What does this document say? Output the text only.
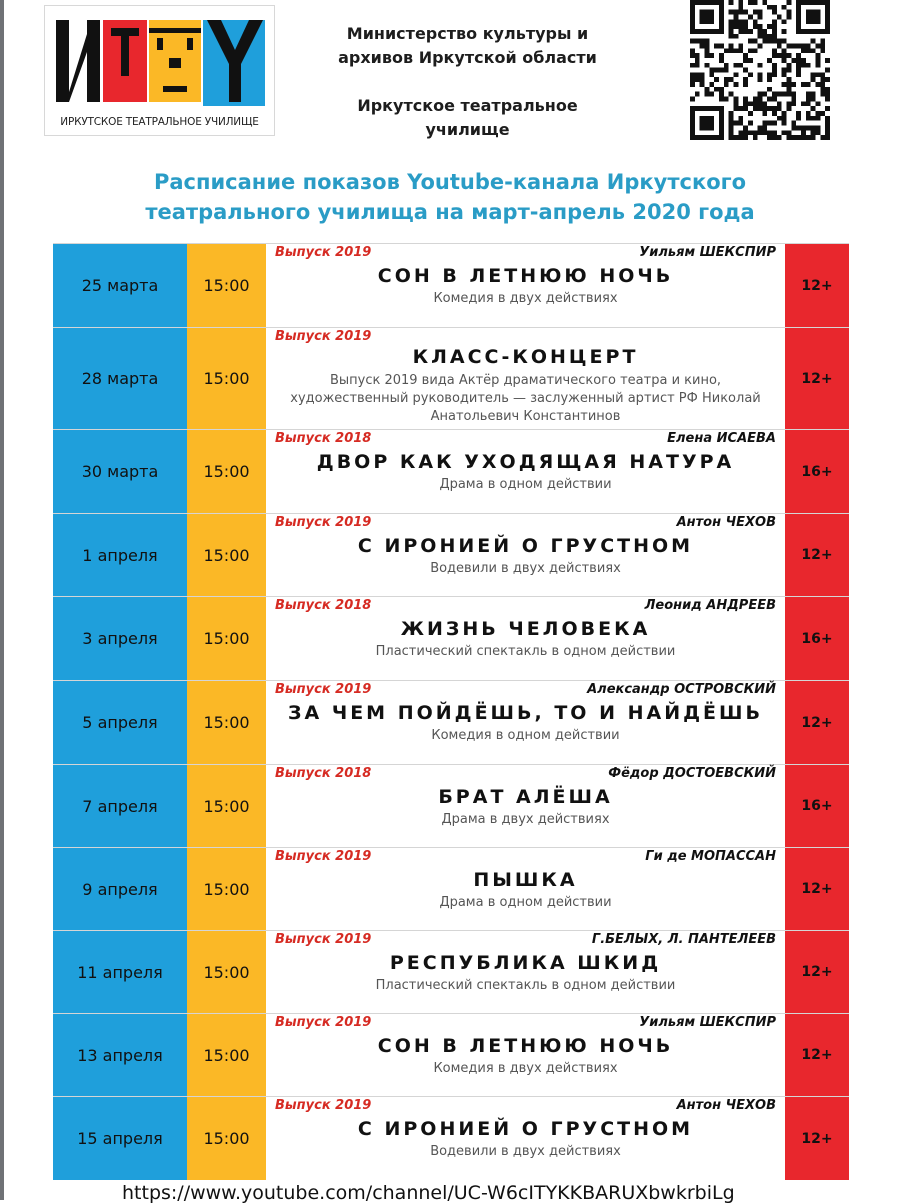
ИРКУТСКОЕ ТЕАТРАЛЬНОЕ УЧИЛИЩЕ
Министерство культуры и
архивов Иркутской области
Иркутское театральное
училище
Расписание показов Youtube-канала Иркутского
театрального училища на март-апрель 2020 года
25 марта	15:00
Выпуск 2019	Уильям ШЕКСПИР
СОН В ЛЕТНЮЮ НОЧЬ
Комедия в двух действиях
12+
28 марта	15:00
Выпуск 2019
КЛАСС-КОНЦЕРТ
Выпуск 2019 вида Актёр драматического театра и кино, художественный руководитель — заслуженный артист РФ Николай Анатольевич Константинов
12+
30 марта	15:00
Выпуск 2018	Елена ИСАЕВА
ДВОР КАК УХОДЯЩАЯ НАТУРА
Драма в одном действии
16+
1 апреля	15:00
Выпуск 2019	Антон ЧЕХОВ
С ИРОНИЕЙ О ГРУСТНОМ
Водевили в двух действиях
12+
3 апреля	15:00
Выпуск 2018	Леонид АНДРЕЕВ
ЖИЗНЬ ЧЕЛОВЕКА
Пластический спектакль в одном действии
16+
5 апреля	15:00
Выпуск 2019	Александр ОСТРОВСКИЙ
ЗА ЧЕМ ПОЙДЁШЬ, ТО И НАЙДЁШЬ
Комедия в одном действии
12+
7 апреля	15:00
Выпуск 2018	Фёдор ДОСТОЕВСКИЙ
БРАТ АЛЁША
Драма в двух действиях
16+
9 апреля	15:00
Выпуск 2019	Ги де МОПАССАН
ПЫШКА
Драма в одном действии
12+
11 апреля	15:00
Выпуск 2019	Г.БЕЛЫХ, Л. ПАНТЕЛЕЕВ
РЕСПУБЛИКА ШКИД
Пластический спектакль в одном действии
12+
13 апреля	15:00
Выпуск 2019	Уильям ШЕКСПИР
СОН В ЛЕТНЮЮ НОЧЬ
Комедия в двух действиях
12+
15 апреля	15:00
Выпуск 2019	Антон ЧЕХОВ
С ИРОНИЕЙ О ГРУСТНОМ
Водевили в двух действиях
12+
https://www.youtube.com/channel/UC-W6cITYKKBARUXbwkrbiLg
